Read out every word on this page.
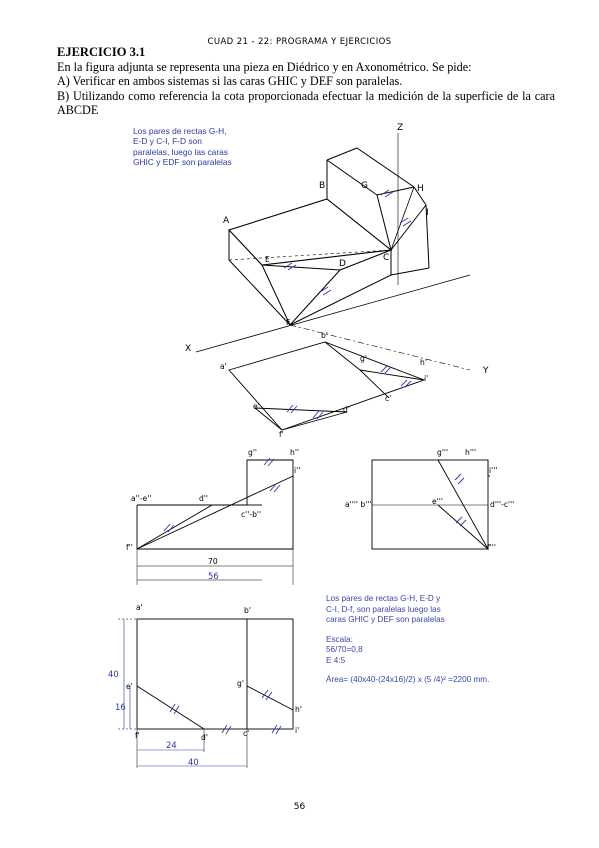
CUAD 21 - 22: PROGRAMA Y EJERCICIOS
EJERCICIO 3.1
En la figura adjunta se representa una pieza en Diédrico y en Axonométrico. Se pide:
A) Verificar en ambos sistemas si las caras GHIC y DEF son paralelas.
B) Utilizando como referencia la cota proporcionada efectuar la medición de la superficie de la cara
ABCDE
Los pares de rectas G-H,
E-D y C-I, F-D son
paralelas, luego las caras
GHIC y EDF son paralelas
A
B	G	H
I
E	D
C
F
Z
X
Y
b'
g'	h'
a'
i'
c'
e'	d'
f'
g''	h''
i''
a''-e''	d''
c''-b''
f''
70
56
g''' h'''
i'''
a'''' b'''	e'''	d'''-c'''
f'''
a'	b'
e'	g'
h'
f'	d'	c'	i'
40
16
24
40
Los pares de rectas G-H, E-D y
C-I, D-f, son paralelas luego las
caras GHIC y DEF son paralelas
Escala:
56/70=0,8
E 4:5
Área= (40x40-(24x16)/2) x (5 /4)² =2200 mm.
56
